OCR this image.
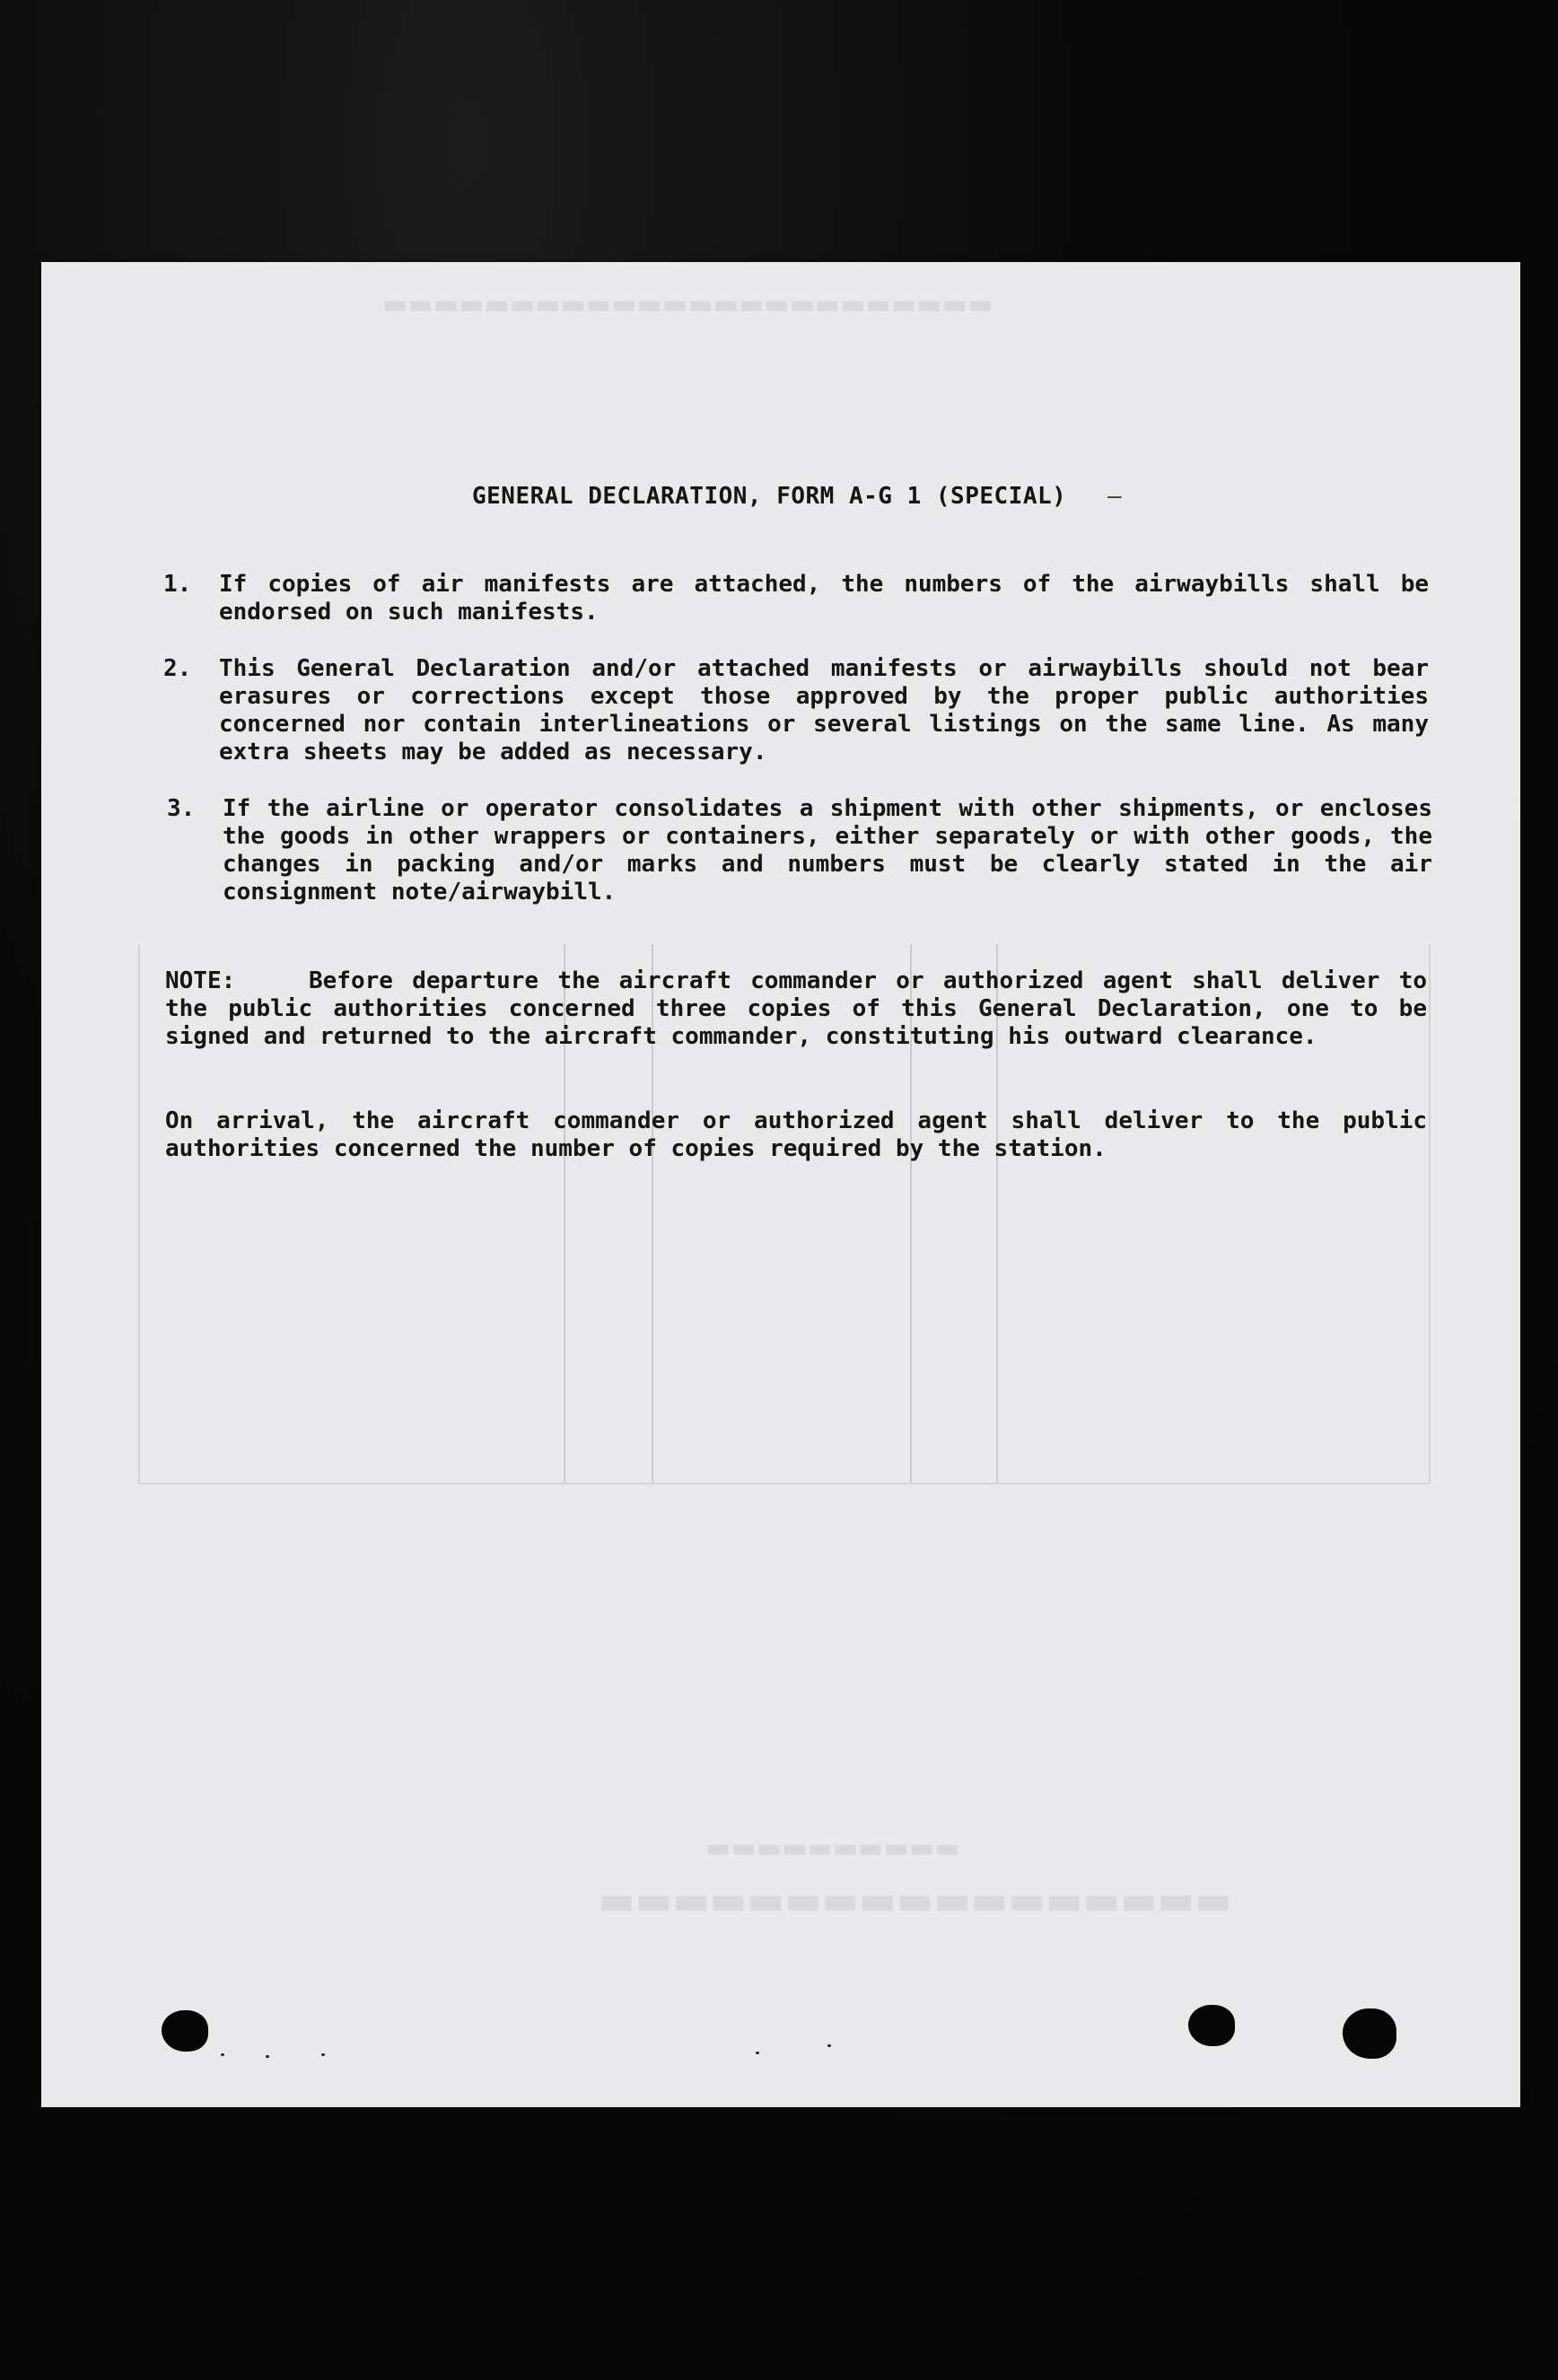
▬▬▬▬▬▬▬▬▬▬▬▬▬▬▬▬▬▬▬▬▬▬▬▬
▬▬▬▬▬▬▬▬▬▬▬▬▬▬▬▬▬
▬▬▬▬▬▬▬▬▬▬
GENERAL DECLARATION, FORM A-G 1 (SPECIAL) —
1.	If copies of air manifests are attached, the numbers of the airwaybills shall be endorsed on such manifests.
2.	This General Declaration and/or attached manifests or airwaybills should not bear erasures or corrections except those approved by the proper public authorities concerned nor contain interlineations or several listings on the same line. As many extra sheets may be added as necessary.
3.	If the airline or operator consolidates a shipment with other shipments, or encloses the goods in other wrappers or containers, either separately or with other goods, the changes in packing and/or marks and numbers must be clearly stated in the air consignment note/airwaybill.
NOTE:	Before departure the aircraft commander or authorized agent shall deliver to the public authorities concerned three copies of this General Declaration, one to be signed and returned to the aircraft commander, constituting his outward clearance.
On arrival, the aircraft commander or authorized agent shall deliver to the public authorities concerned the number of copies required by the station.
